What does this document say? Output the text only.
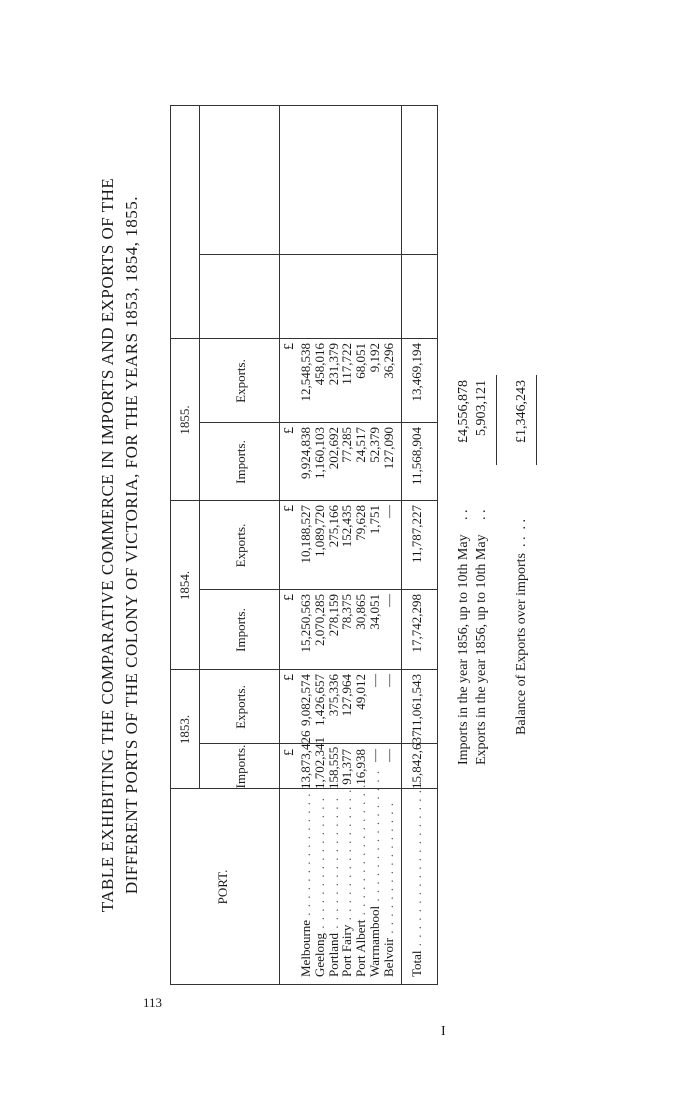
TABLE EXHIBITING THE COMPARATIVE COMMERCE IN IMPORTS AND EXPORTS OF THE DIFFERENT PORTS OF THE COLONY OF VICTORIA, FOR THE YEARS 1853, 1854, 1855.	PORT.
1853.
1854.
1855.
Imports.
Exports.
Imports.
Exports.
Imports.
Exports.
£
£
£
£
£
£
Melbourne . . . . . . . . . . . . . . . .
13,873,426
9,082,574
15,250,563
10,188,527
9,924,838
12,548,538
Geelong . . . . . . . . . . . . . . . .
1,702,341
1,426,657
2,070,285
1,089,720
1,160,103
458,016
Portland . . . . . . . . . . . . . . . .
158,555
375,336
278,159
275,166
202,692
231,379
Port Fairy . . . . . . . . . . . . . . . .
91,377
127,964
78,375
152,435
77,285
117,722
Port Albert . . . . . . . . . . . . . . . .
16,938
49,012
30,865
79,628
24,517
68,051
Warrnambool . . . . . . . . . . . . . . . .
—
—
34,051
1,751
52,379
9,192
Belvoir . . . . . . . . . . . . . . . .
—
—
—
—
127,090
36,296
Total . . . . . . . . . . . . . . . . . . . .
15,842,637
11,061,543
17,742,298
11,787,227
11,568,904
13,469,194
Imports in the year 1856, up to 10th May
. .
£4,556,878
Exports in the year 1856, up to 10th May
. .
5,903,121
Balance of Exports over imports
. .  . .
£1,346,243
113
I
